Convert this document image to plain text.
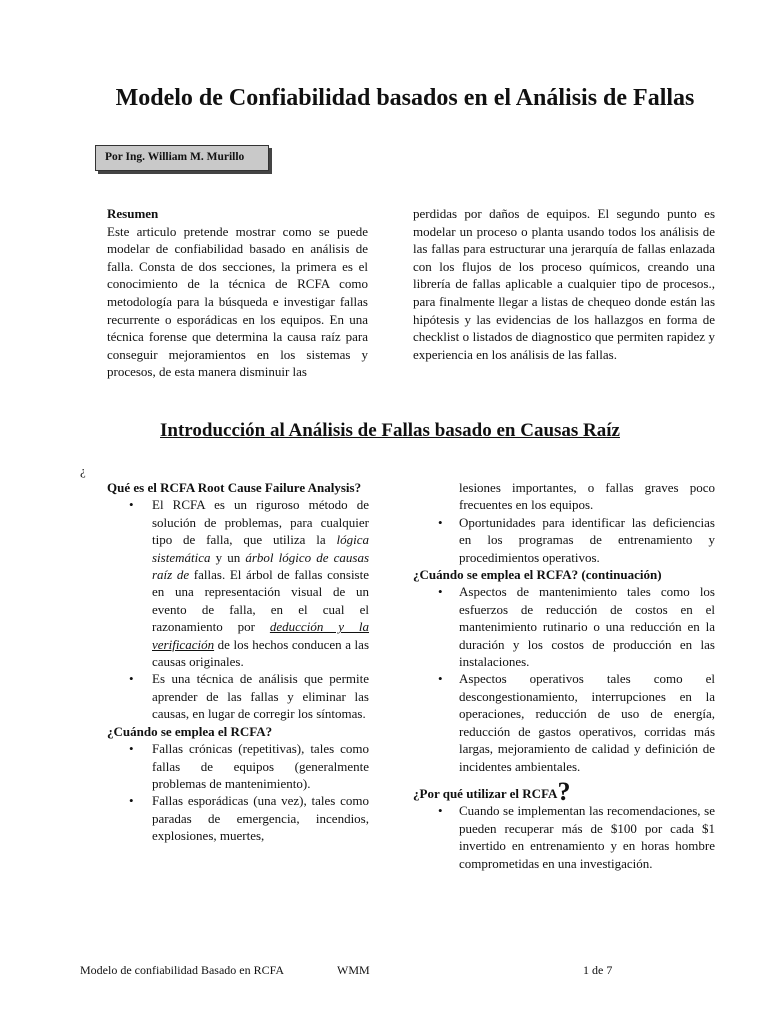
Modelo de Confiabilidad basados en el Análisis de Fallas
Por Ing. William M. Murillo
Resumen

Este articulo pretende mostrar como se puede modelar de confiabilidad basado en análisis de falla. Consta de dos secciones, la primera es el conocimiento de la técnica de RCFA como metodología para la búsqueda e investigar fallas recurrente o esporádicas en los equipos. En una técnica forense que determina la causa raíz para conseguir mejoramientos en los sistemas y procesos, de esta manera disminuir las

perdidas por daños de equipos. El segundo punto es modelar un proceso o planta usando todos los análisis de las fallas para estructurar una jerarquía de fallas enlazada con los flujos de los proceso químicos, creando una librería de fallas aplicable a cualquier tipo de procesos., para finalmente llegar a listas de chequeo donde están las hipótesis y las evidencias de los hallazgos en forma de checklist o listados de diagnostico que permiten rapidez y experiencia en los análisis de las fallas.

Introducción al Análisis de Fallas basado en Causas Raíz
¿

Qué es el RCFA Root Cause Failure Analysis?

• El RCFA es un riguroso método de solución de problemas, para cualquier tipo de falla, que utiliza la lógica sistemática y un árbol lógico de causas raíz de fallas. El árbol de fallas consiste en una representación visual de un evento de falla, en el cual el razonamiento por deducción y la verificación de los hechos conducen a las causas originales.
• Es una técnica de análisis que permite aprender de las fallas y eliminar las causas, en lugar de corregir los síntomas.

¿Cuándo se emplea el RCFA?

• Fallas crónicas (repetitivas), tales como fallas de equipos (generalmente problemas de mantenimiento).
• Fallas esporádicas (una vez), tales como paradas de emergencia, incendios, explosiones, muertes,
lesiones importantes, o fallas graves poco frecuentes en los equipos.
• Oportunidades para identificar las deficiencias en los programas de entrenamiento y procedimientos operativos.

¿Cuándo se emplea el RCFA? (continuación)

• Aspectos de mantenimiento tales como los esfuerzos de reducción de costos en el mantenimiento rutinario o una reducción en la duración y los costos de producción en las instalaciones.
• Aspectos operativos tales como el descongestionamiento, interrupciones en la operaciones, reducción de uso de energía, reducción de gastos operativos, corridas más largas, mejoramiento de calidad y definición de incidentes ambientales.

¿Por qué utilizar el RCFA?

• Cuando se implementan las recomendaciones, se pueden recuperar más de $100 por cada $1 invertido en entrenamiento y en horas hombre comprometidas en una investigación.
Modelo de confiabilidad Basado en RCFA	WMM	1 de 7
